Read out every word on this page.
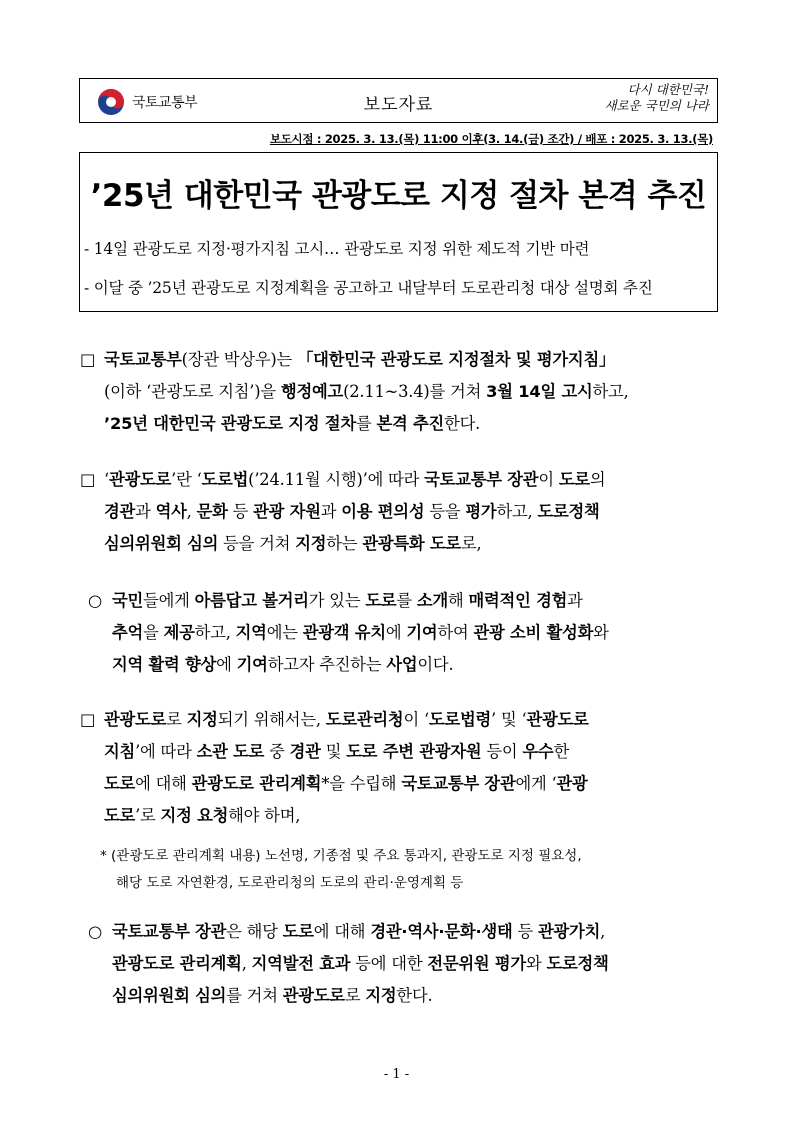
국토교통부	보도자료
다시 대한민국!
새로운 국민의 나라
보도시점 : 2025. 3. 13.(목) 11:00 이후(3. 14.(금) 조간) / 배포 : 2025. 3. 13.(목)
’25년 대한민국 관광도로 지정 절차 본격 추진
- 14일 관광도로 지정·평가지침 고시… 관광도로 지정 위한 제도적 기반 마련
- 이달 중 ’25년 관광도로 지정계획을 공고하고 내달부터 도로관리청 대상 설명회 추진
□ 국토교통부(장관 박상우)는 「대한민국 관광도로 지정절차 및 평가지침」
(이하 ‘관광도로 지침’)을 행정예고(2.11~3.4)를 거쳐 3월 14일 고시하고,
’25년 대한민국 관광도로 지정 절차를 본격 추진한다.
□ ‘관광도로’란 ‘도로법(’24.11월 시행)’에 따라 국토교통부 장관이 도로의
경관과 역사, 문화 등 관광 자원과 이용 편의성 등을 평가하고, 도로정책
심의위원회 심의 등을 거쳐 지정하는 관광특화 도로로,
○ 국민들에게 아름답고 볼거리가 있는 도로를 소개해 매력적인 경험과
추억을 제공하고, 지역에는 관광객 유치에 기여하여 관광 소비 활성화와
지역 활력 향상에 기여하고자 추진하는 사업이다.
□ 관광도로로 지정되기 위해서는, 도로관리청이 ‘도로법령’ 및 ‘관광도로
지침’에 따라 소관 도로 중 경관 및 도로 주변 관광자원 등이 우수한
도로에 대해 관광도로 관리계획*을 수립해 국토교통부 장관에게 ‘관광
도로’로 지정 요청해야 하며,
* (관광도로 관리계획 내용) 노선명, 기종점 및 주요 통과지, 관광도로 지정 필요성,
해당 도로 자연환경, 도로관리청의 도로의 관리·운영계획 등
○ 국토교통부 장관은 해당 도로에 대해 경관·역사·문화·생태 등 관광가치,
관광도로 관리계획, 지역발전 효과 등에 대한 전문위원 평가와 도로정책
심의위원회 심의를 거쳐 관광도로로 지정한다.
- 1 -
